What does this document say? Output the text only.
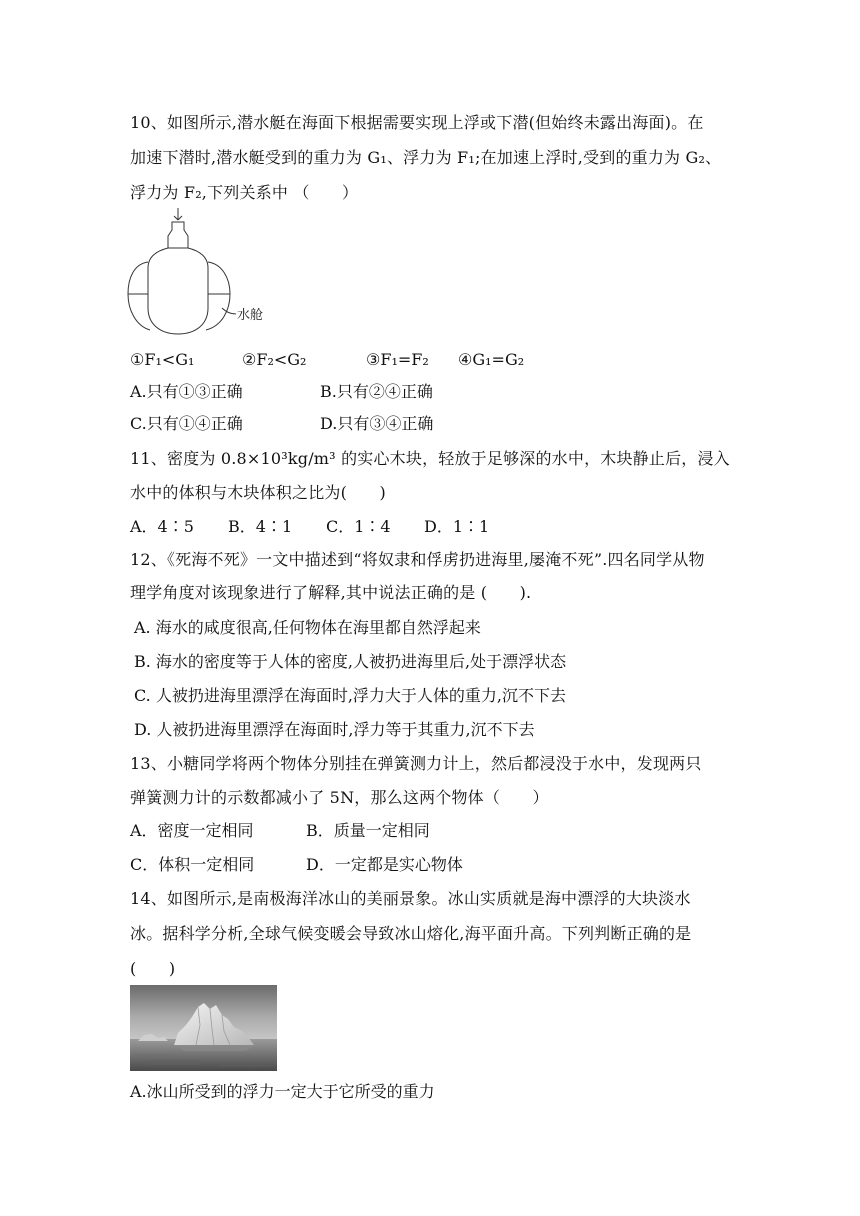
10、如图所示,潜水艇在海面下根据需要实现上浮或下潜(但始终未露出海面)。在
加速下潜时,潜水艇受到的重力为 G₁、浮力为 F₁;在加速上浮时,受到的重力为 G₂、
浮力为 F₂,下列关系中 （　　）
水舱
①F₁<G₁	②F₂<G₂	③F₁=F₂ ④G₁=G₂
A.只有①③正确	B.只有②④正确
C.只有①④正确	D.只有③④正确
11、密度为 0.8×10³kg/m³ 的实心木块，轻放于足够深的水中，木块静止后，浸入
水中的体积与木块体积之比为(　　)
A．4∶5 B．4∶1 C．1∶4 D．1∶1
12、《死海不死》一文中描述到“将奴隶和俘虏扔进海里,屡淹不死”.四名同学从物
理学角度对该现象进行了解释,其中说法正确的是 (　　).
A. 海水的咸度很高,任何物体在海里都自然浮起来
B. 海水的密度等于人体的密度,人被扔进海里后,处于漂浮状态
C. 人被扔进海里漂浮在海面时,浮力大于人体的重力,沉不下去
D. 人被扔进海里漂浮在海面时,浮力等于其重力,沉不下去
13、小糖同学将两个物体分别挂在弹簧测力计上，然后都浸没于水中，发现两只
弹簧测力计的示数都减小了 5N，那么这两个物体（　　）
A．密度一定相同	B．质量一定相同
C．体积一定相同	D．一定都是实心物体
14、如图所示,是南极海洋冰山的美丽景象。冰山实质就是海中漂浮的大块淡水
冰。据科学分析,全球气候变暖会导致冰山熔化,海平面升高。下列判断正确的是
(　　)
A.冰山所受到的浮力一定大于它所受的重力
